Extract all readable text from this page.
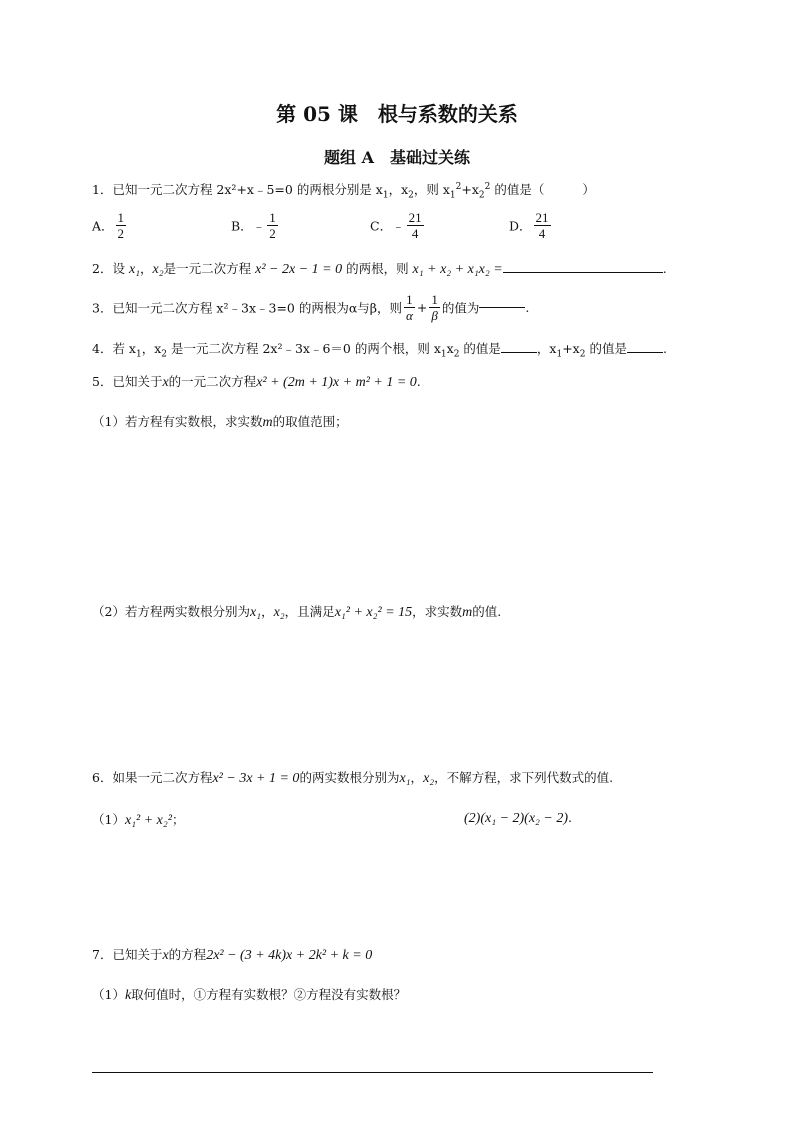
第 05 课　根与系数的关系
题组 A　基础过关练
1．已知一元二次方程 2x²+x﹣5=0 的两根分别是 $x_1$，$x_2$，则 $x_1^2+x_2^2$ 的值是（	）
A． $\frac{1}{2}$	B．﹣ $\frac{1}{2}$	C．﹣ $\frac{21}{4}$	D． $\frac{21}{4}$
2．设 x₁，x₂是一元二次方程 x² − 2x − 1 = 0 的两根，则 x₁ + x₂ + x₁x₂ =	.
3．已知一元二次方程 x²﹣3x﹣3=0 的两根为α与β，则 $\frac{1}{\alpha} + \frac{1}{\beta}$ 的值为	.
4．若 $x_1$，$x_2$ 是一元二次方程 2x²﹣3x﹣6＝0 的两个根，则 $x_1x_2$ 的值是	，$x_1+x_2$ 的值是	.
5．已知关于x的一元二次方程x² + (2m + 1)x + m² + 1 = 0.
（1）若方程有实数根，求实数m的取值范围；
（2）若方程两实数根分别为x₁，x₂，且满足x₁² + x₂² = 15，求实数m的值.
6．如果一元二次方程x² − 3x + 1 = 0的两实数根分别为x₁，x₂，不解方程，求下列代数式的值.
（1）x₁² + x₂²；	(2)(x₁ − 2)(x₂ − 2).
7．已知关于x的方程2x² − (3 + 4k)x + 2k² + k = 0
（1）k取何值时，①方程有实数根？②方程没有实数根？
